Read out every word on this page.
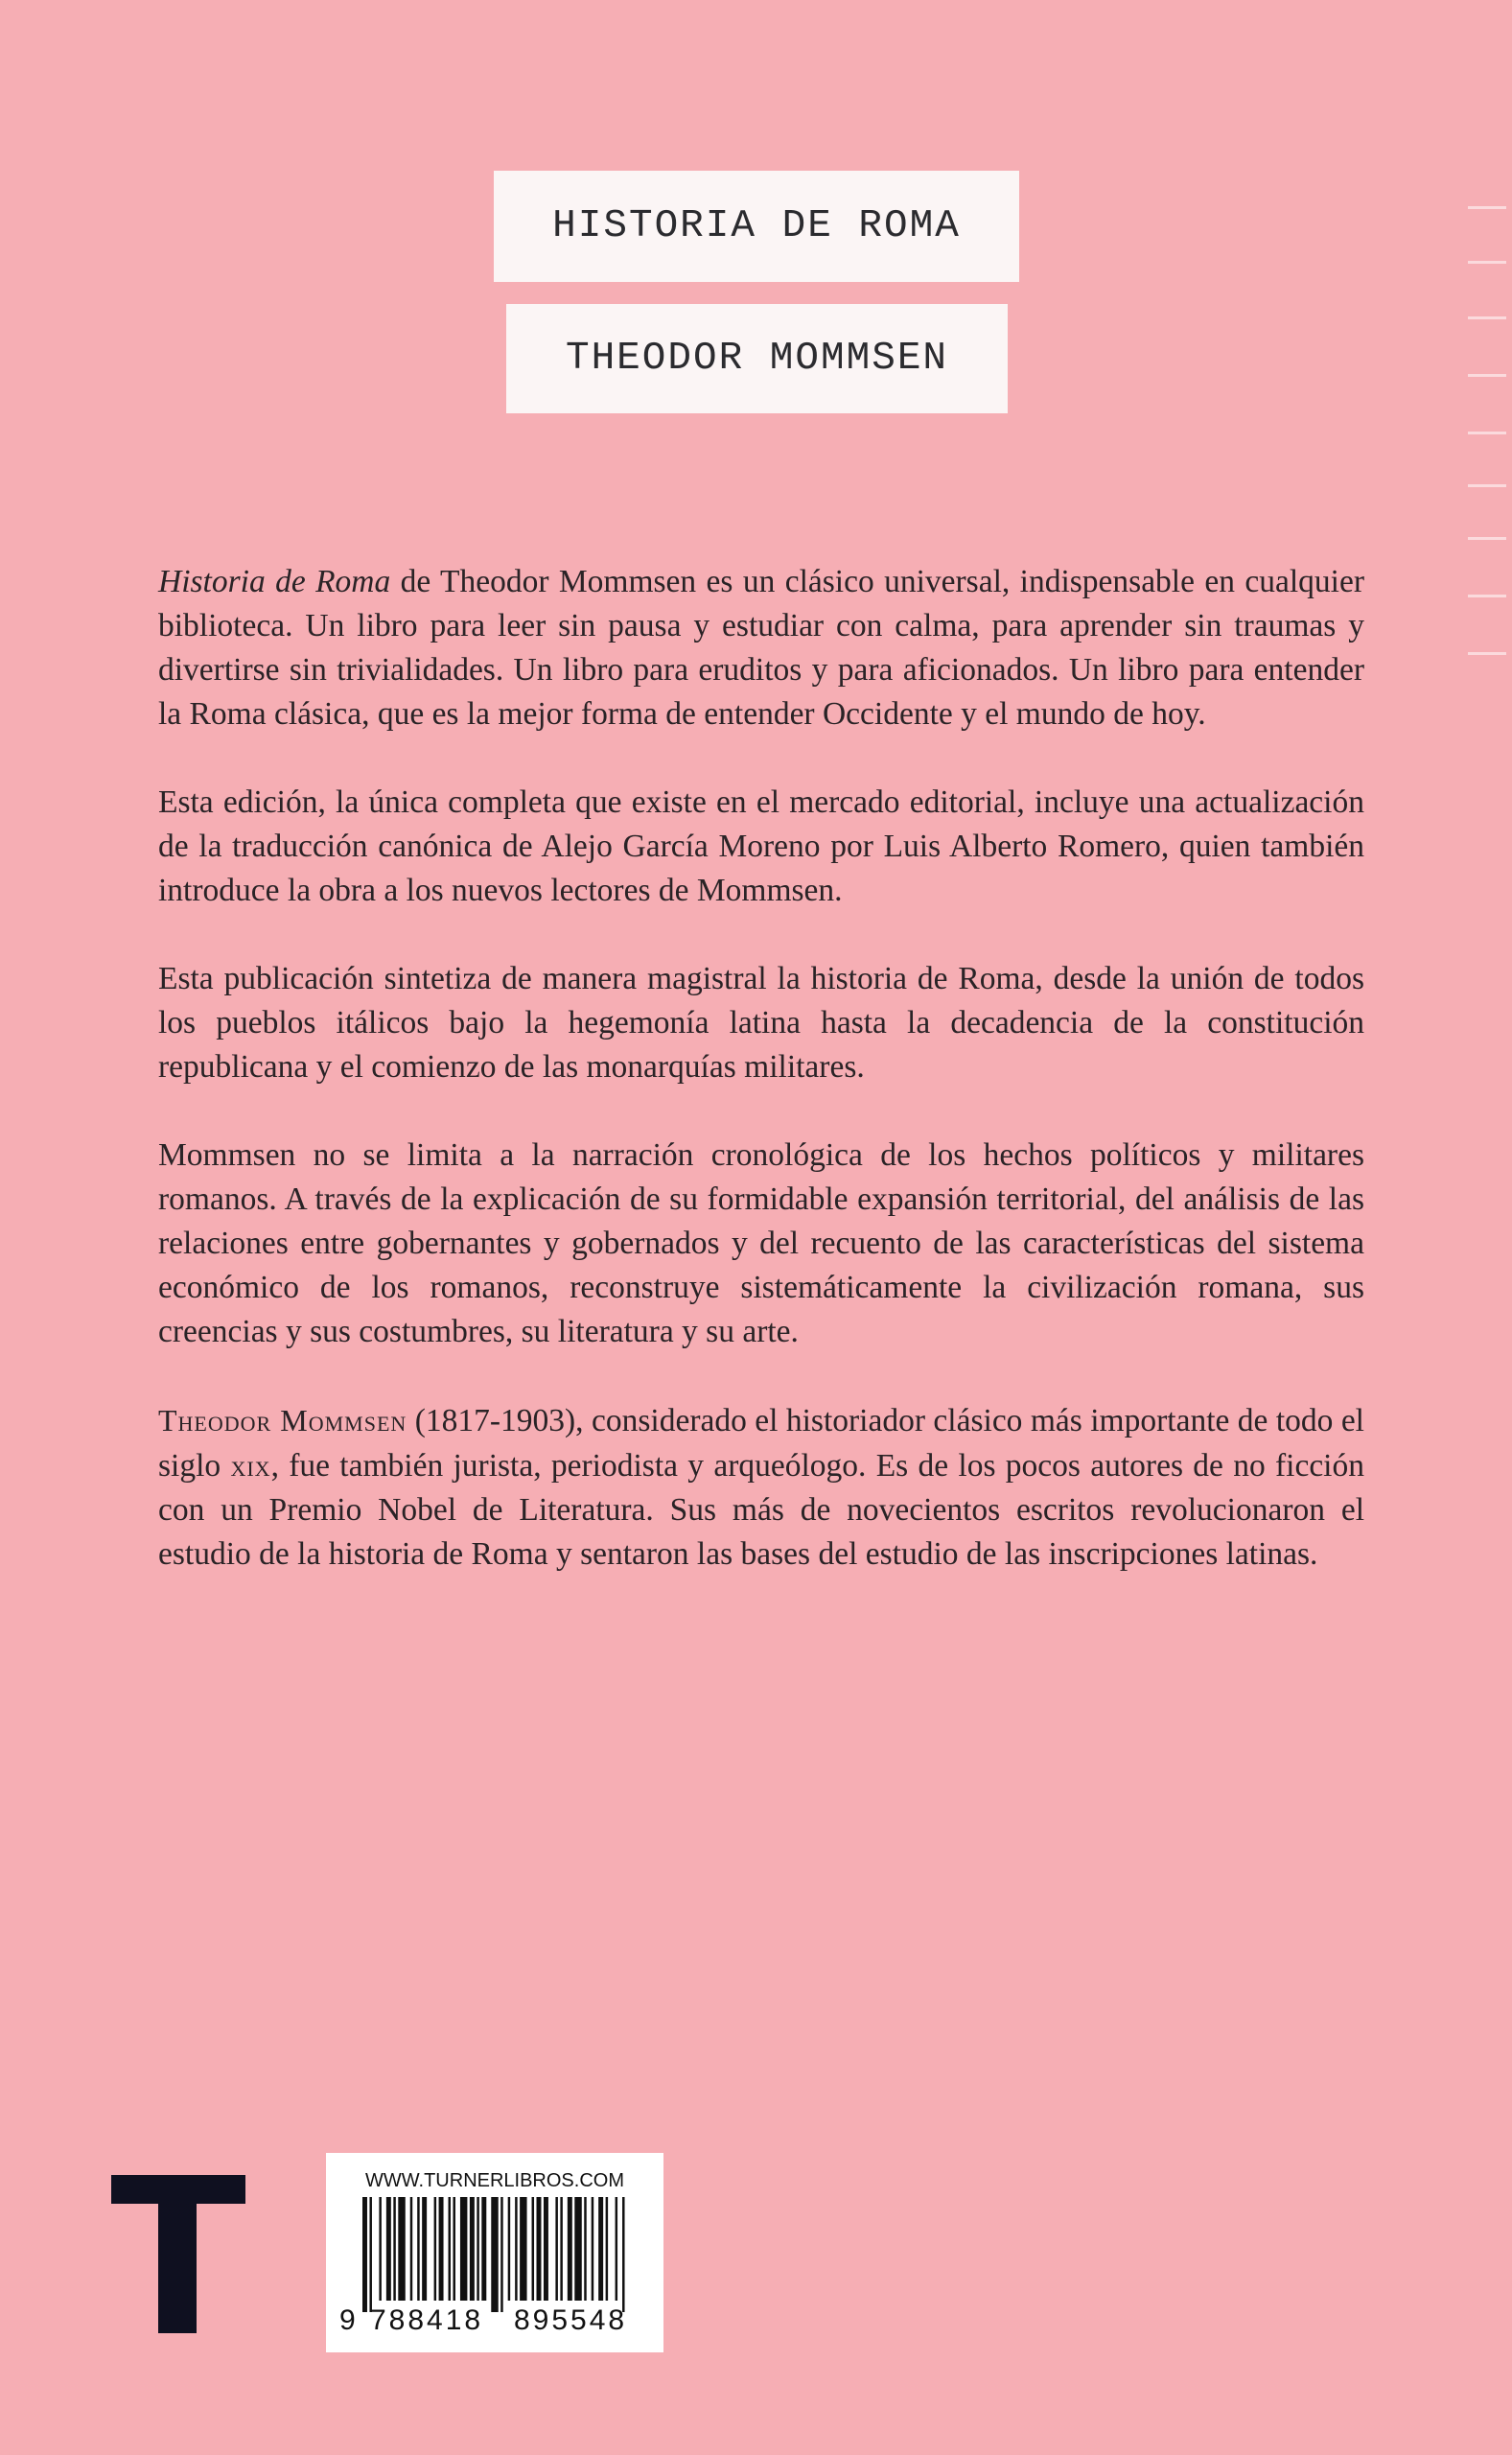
HISTORIA DE ROMA
THEODOR MOMMSEN

Historia de Roma de Theodor Mommsen es un clásico universal, indispensable en cualquier biblioteca. Un libro para leer sin pausa y estudiar con calma, para aprender sin traumas y divertirse sin trivialidades. Un libro para eruditos y para aficionados. Un libro para entender la Roma clásica, que es la mejor forma de entender Occidente y el mundo de hoy.

Esta edición, la única completa que existe en el mercado editorial, incluye una actualización de la traducción canónica de Alejo García Moreno por Luis Alberto Romero, quien también introduce la obra a los nuevos lectores de Mommsen.

Esta publicación sintetiza de manera magistral la historia de Roma, desde la unión de todos los pueblos itálicos bajo la hegemonía latina hasta la decadencia de la constitución republicana y el comienzo de las monarquías militares.

Mommsen no se limita a la narración cronológica de los hechos políticos y militares romanos. A través de la explicación de su formidable expansión territorial, del análisis de las relaciones entre gobernantes y gobernados y del recuento de las características del sistema económico de los romanos, reconstruye sistemáticamente la civilización romana, sus creencias y sus costumbres, su literatura y su arte.

Theodor Mommsen (1817-1903), considerado el historiador clásico más importante de todo el siglo xix, fue también jurista, periodista y arqueólogo. Es de los pocos autores de no ficción con un Premio Nobel de Literatura. Sus más de novecientos escritos revolucionaron el estudio de la historia de Roma y sentaron las bases del estudio de las inscripciones latinas.

WWW.TURNERLIBROS.COM
9 788418 895548
